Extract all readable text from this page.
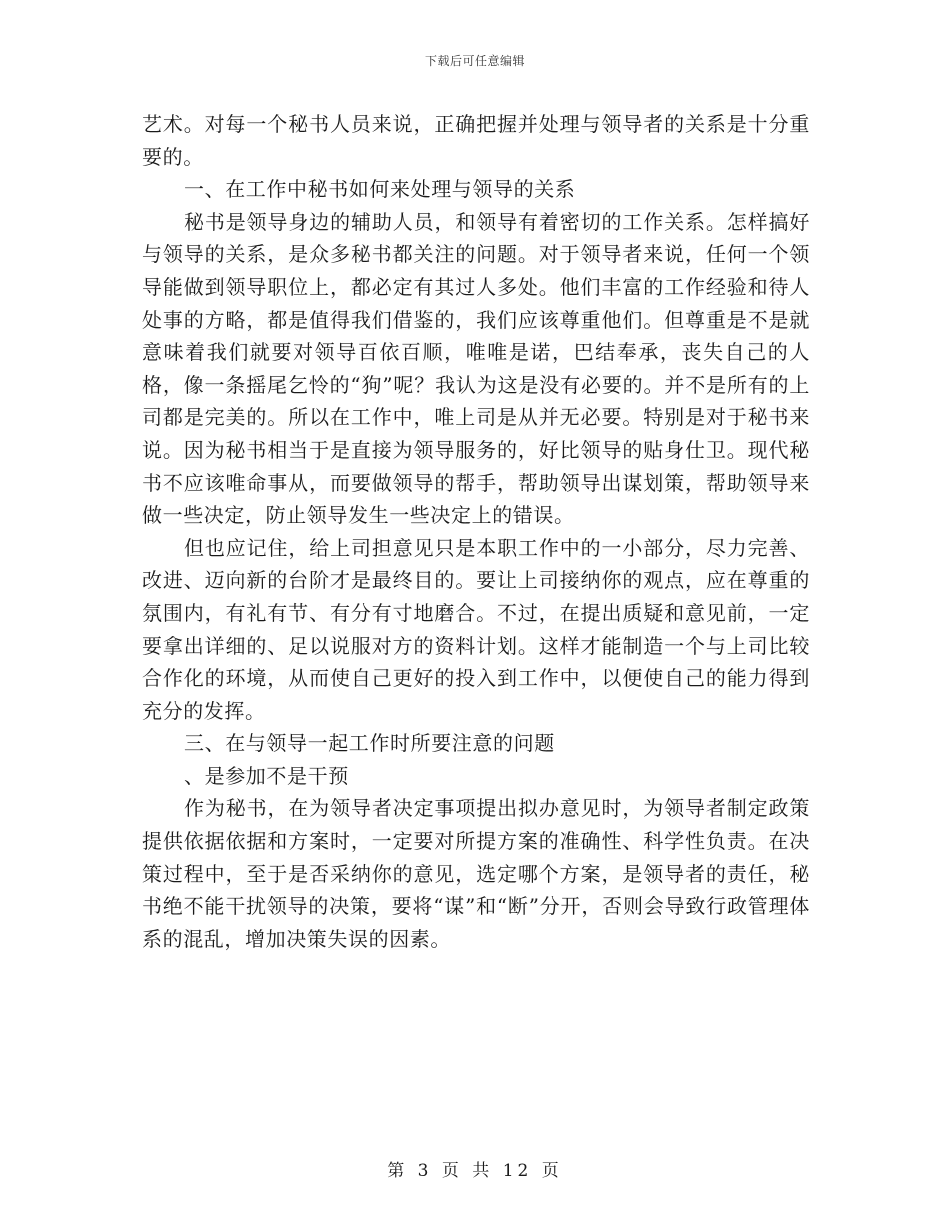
下载后可任意编辑

艺术。对每一个秘书人员来说，正确把握并处理与领导者的关系是十分重要的。

一、在工作中秘书如何来处理与领导的关系

秘书是领导身边的辅助人员，和领导有着密切的工作关系。怎样搞好与领导的关系，是众多秘书都关注的问题。对于领导者来说，任何一个领导能做到领导职位上，都必定有其过人多处。他们丰富的工作经验和待人处事的方略，都是值得我们借鉴的，我们应该尊重他们。但尊重是不是就意味着我们就要对领导百依百顺，唯唯是诺，巴结奉承，丧失自己的人格，像一条摇尾乞怜的“狗”呢？我认为这是没有必要的。并不是所有的上司都是完美的。所以在工作中，唯上司是从并无必要。特别是对于秘书来说。因为秘书相当于是直接为领导服务的，好比领导的贴身仕卫。现代秘书不应该唯命事从，而要做领导的帮手，帮助领导出谋划策，帮助领导来做一些决定，防止领导发生一些决定上的错误。

但也应记住，给上司担意见只是本职工作中的一小部分，尽力完善、改进、迈向新的台阶才是最终目的。要让上司接纳你的观点，应在尊重的氛围内，有礼有节、有分有寸地磨合。不过，在提出质疑和意见前，一定要拿出详细的、足以说服对方的资料计划。这样才能制造一个与上司比较合作化的环境，从而使自己更好的投入到工作中，以便使自己的能力得到充分的发挥。

三、在与领导一起工作时所要注意的问题

、是参加不是干预

作为秘书，在为领导者决定事项提出拟办意见时，为领导者制定政策提供依据依据和方案时，一定要对所提方案的准确性、科学性负责。在决策过程中，至于是否采纳你的意见，选定哪个方案，是领导者的责任，秘书绝不能干扰领导的决策，要将“谋”和“断”分开，否则会导致行政管理体系的混乱，增加决策失误的因素。

第 3 页 共 12 页
